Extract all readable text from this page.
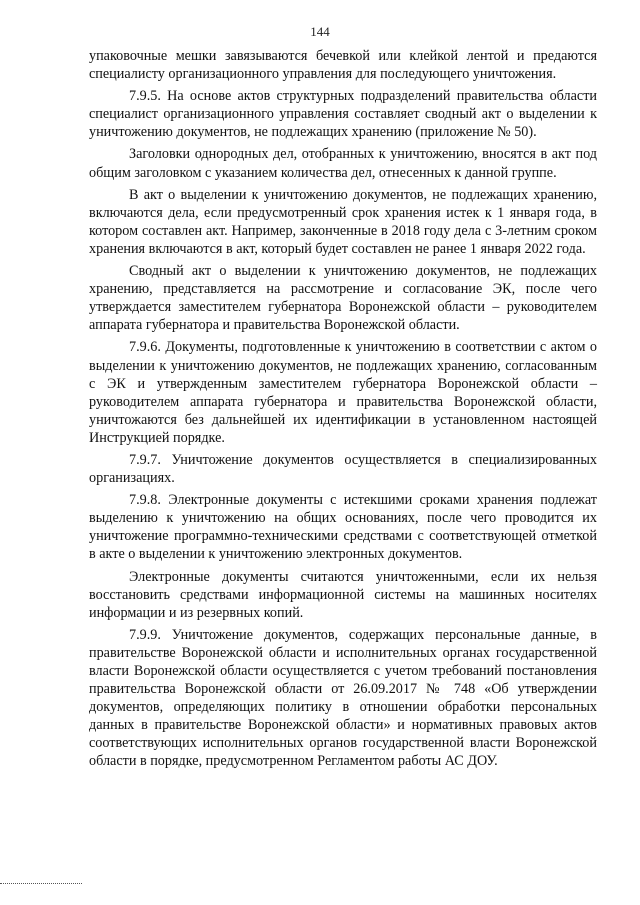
144

упаковочные мешки завязываются бечевкой или клейкой лентой и предаются специалисту организационного управления для последующего уничтожения.

7.9.5. На основе актов структурных подразделений правительства области специалист организационного управления составляет сводный акт о выделении к уничтожению документов, не подлежащих хранению (приложение № 50).

Заголовки однородных дел, отобранных к уничтожению, вносятся в акт под общим заголовком с указанием количества дел, отнесенных к данной группе.

В акт о выделении к уничтожению документов, не подлежащих хранению, включаются дела, если предусмотренный срок хранения истек к 1 января года, в котором составлен акт. Например, законченные в 2018 году дела с 3-летним сроком хранения включаются в акт, который будет составлен не ранее 1 января 2022 года.

Сводный акт о выделении к уничтожению документов, не подлежащих хранению, представляется на рассмотрение и согласование ЭК, после чего утверждается заместителем губернатора Воронежской области – руководителем аппарата губернатора и правительства Воронежской области.

7.9.6. Документы, подготовленные к уничтожению в соответствии с актом о выделении к уничтожению документов, не подлежащих хранению, согласованным с ЭК и утвержденным заместителем губернатора Воронежской области – руководителем аппарата губернатора и правительства Воронежской области, уничтожаются без дальнейшей их идентификации в установленном настоящей Инструкцией порядке.

7.9.7. Уничтожение документов осуществляется в специализированных организациях.

7.9.8. Электронные документы с истекшими сроками хранения подлежат выделению к уничтожению на общих основаниях, после чего проводится их уничтожение программно-техническими средствами с соответствующей отметкой в акте о выделении к уничтожению электронных документов.

Электронные документы считаются уничтоженными, если их нельзя восстановить средствами информационной системы на машинных носителях информации и из резервных копий.

7.9.9. Уничтожение документов, содержащих персональные данные, в правительстве Воронежской области и исполнительных органах государственной власти Воронежской области осуществляется с учетом требований постановления правительства Воронежской области от 26.09.2017 № 748 «Об утверждении документов, определяющих политику в отношении обработки персональных данных в правительстве Воронежской области» и нормативных правовых актов соответствующих исполнительных органов государственной власти Воронежской области в порядке, предусмотренном Регламентом работы АС ДОУ.
